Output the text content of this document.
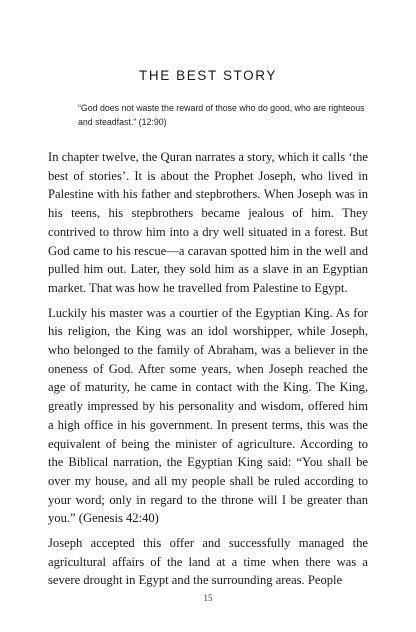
THE BEST STORY
“God does not waste the reward of those who do good, who are righteous and steadfast.” (12:90)

In chapter twelve, the Quran narrates a story, which it calls ‘the best of stories’. It is about the Prophet Joseph, who lived in Palestine with his father and stepbrothers. When Joseph was in his teens, his stepbrothers became jealous of him. They contrived to throw him into a dry well situated in a forest. But God came to his rescue—a caravan spotted him in the well and pulled him out. Later, they sold him as a slave in an Egyptian market. That was how he travelled from Palestine to Egypt.

Luckily his master was a courtier of the Egyptian King. As for his religion, the King was an idol worshipper, while Joseph, who belonged to the family of Abraham, was a believer in the oneness of God. After some years, when Joseph reached the age of maturity, he came in contact with the King. The King, greatly impressed by his personality and wisdom, offered him a high office in his government. In present terms, this was the equivalent of being the minister of agriculture. According to the Biblical narration, the Egyptian King said: “You shall be over my house, and all my people shall be ruled according to your word; only in regard to the throne will I be greater than you.” (Genesis 42:40)

Joseph accepted this offer and successfully managed the agricultural affairs of the land at a time when there was a severe drought in Egypt and the surrounding areas. People

15
